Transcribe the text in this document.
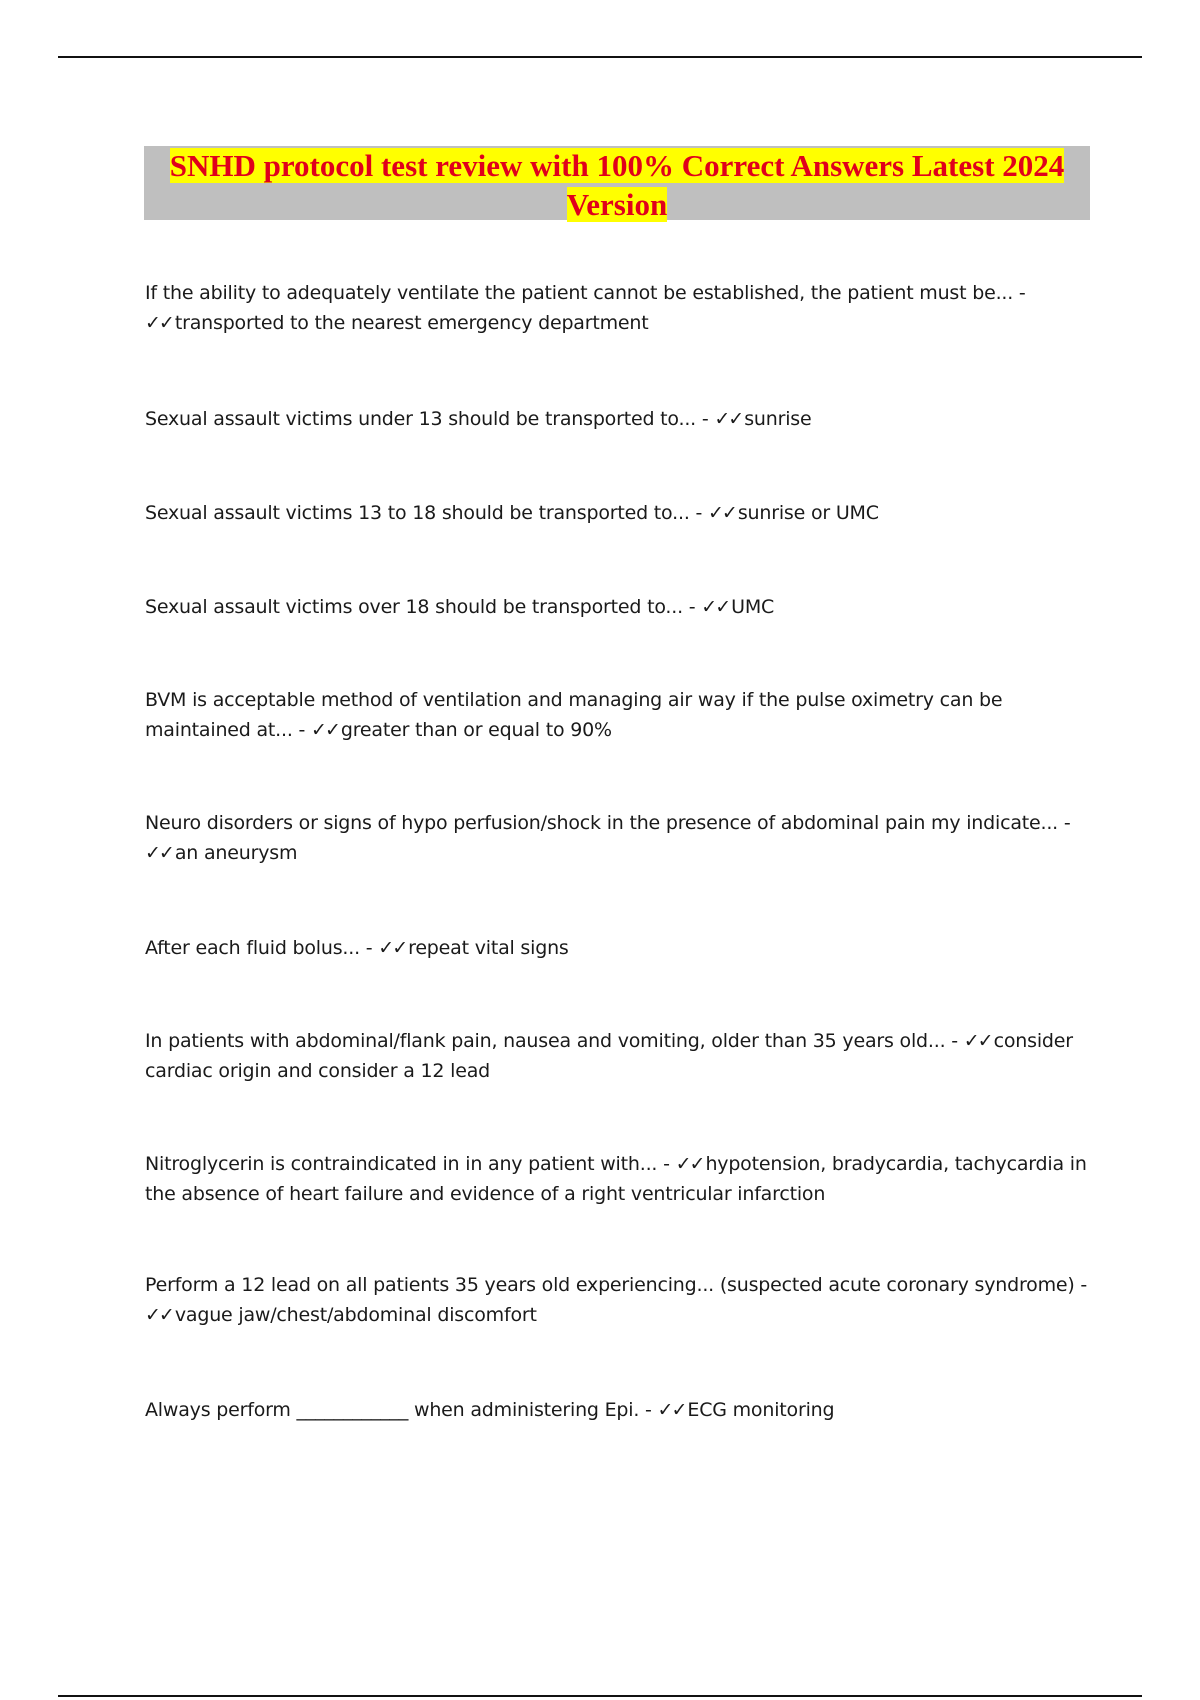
SNHD protocol test review with 100% Correct Answers Latest 2024
Version
If the ability to adequately ventilate the patient cannot be established, the patient must be... -
✓✓ transported to the nearest emergency department
Sexual assault victims under 13 should be transported to... - ✓✓ sunrise
Sexual assault victims 13 to 18 should be transported to... - ✓✓ sunrise or UMC
Sexual assault victims over 18 should be transported to... - ✓✓ UMC
BVM is acceptable method of ventilation and managing air way if the pulse oximetry can be maintained at... - ✓✓ greater than or equal to 90%
Neuro disorders or signs of hypo perfusion/shock in the presence of abdominal pain my indicate... -
✓✓ an aneurysm
After each fluid bolus... - ✓✓ repeat vital signs
In patients with abdominal/flank pain, nausea and vomiting, older than 35 years old... - ✓✓ consider cardiac origin and consider a 12 lead
Nitroglycerin is contraindicated in in any patient with... - ✓✓ hypotension, bradycardia, tachycardia in the absence of heart failure and evidence of a right ventricular infarction
Perform a 12 lead on all patients 35 years old experiencing... (suspected acute coronary syndrome) -
✓✓ vague jaw/chest/abdominal discomfort
Always perform ____________ when administering Epi. - ✓✓ ECG monitoring
